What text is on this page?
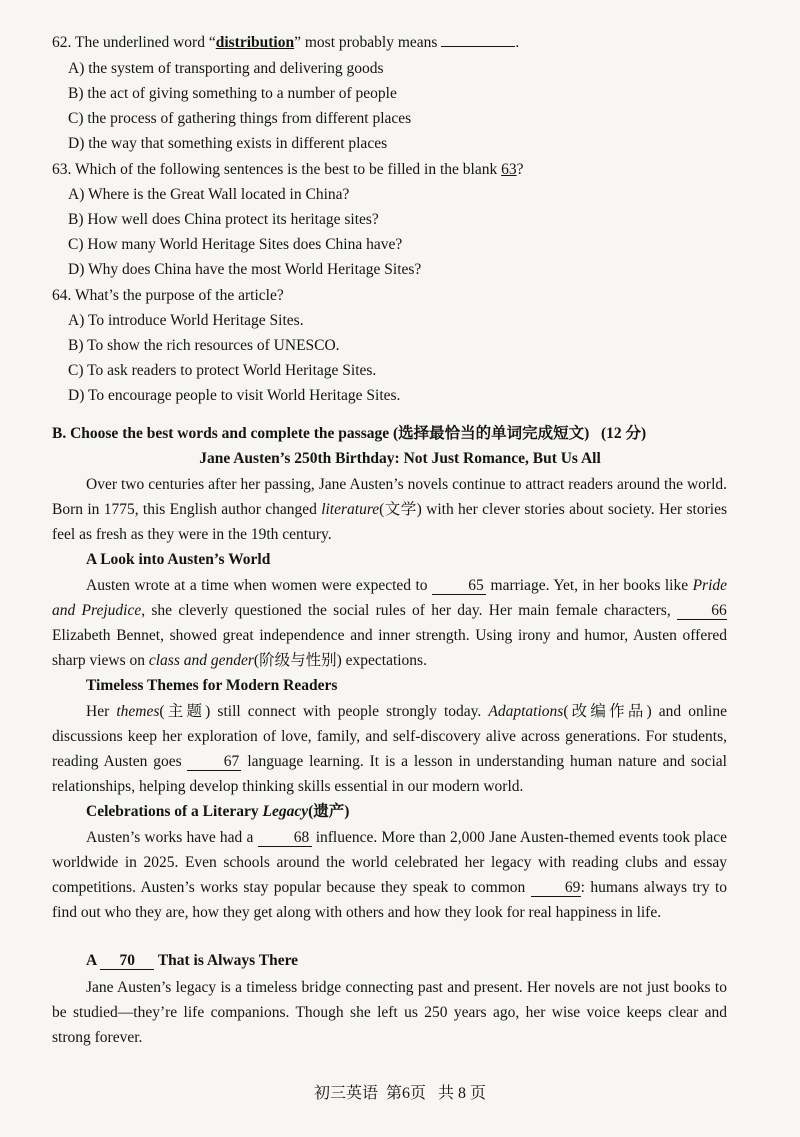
62. The underlined word “distribution” most probably means	.
A) the system of transporting and delivering goods
B) the act of giving something to a number of people
C) the process of gathering things from different places
D) the way that something exists in different places
63. Which of the following sentences is the best to be filled in the blank 63?
A) Where is the Great Wall located in China?
B) How well does China protect its heritage sites?
C) How many World Heritage Sites does China have?
D) Why does China have the most World Heritage Sites?
64. What’s the purpose of the article?
A) To introduce World Heritage Sites.
B) To show the rich resources of UNESCO.
C) To ask readers to protect World Heritage Sites.
D) To encourage people to visit World Heritage Sites.
B. Choose the best words and complete the passage (选择最恰当的单词完成短文)   (12 分)
Jane Austen’s 250th Birthday: Not Just Romance, But Us All
Over two centuries after her passing, Jane Austen’s novels continue to attract readers around the world. Born in 1775, this English author changed literature(文学) with her clever stories about society. Her stories feel as fresh as they were in the 19th century.
A Look into Austen’s World
Austen wrote at a time when women were expected to 65 marriage. Yet, in her books like Pride and Prejudice, she cleverly questioned the social rules of her day. Her main female characters, 66 Elizabeth Bennet, showed great independence and inner strength. Using irony and humor, Austen offered sharp views on class and gender(阶级与性别) expectations.
Timeless Themes for Modern Readers
Her themes(主题) still connect with people strongly today. Adaptations(改编作品) and online discussions keep her exploration of love, family, and self-discovery alive across generations. For students, reading Austen goes 67 language learning. It is a lesson in understanding human nature and social relationships, helping develop thinking skills essential in our modern world.
Celebrations of a Literary Legacy(遗产)
Austen’s works have had a 68 influence. More than 2,000 Jane Austen-themed events took place worldwide in 2025. Even schools around the world celebrated her legacy with reading clubs and essay competitions. Austen’s works stay popular because they speak to common 69: humans always try to find out who they are, how they get along with others and how they look for real happiness in life.
A 70 That is Always There
Jane Austen’s legacy is a timeless bridge connecting past and present. Her novels are not just books to be studied—they’re life companions. Though she left us 250 years ago, her wise voice keeps clear and strong forever.
初三英语  第6页   共 8 页
